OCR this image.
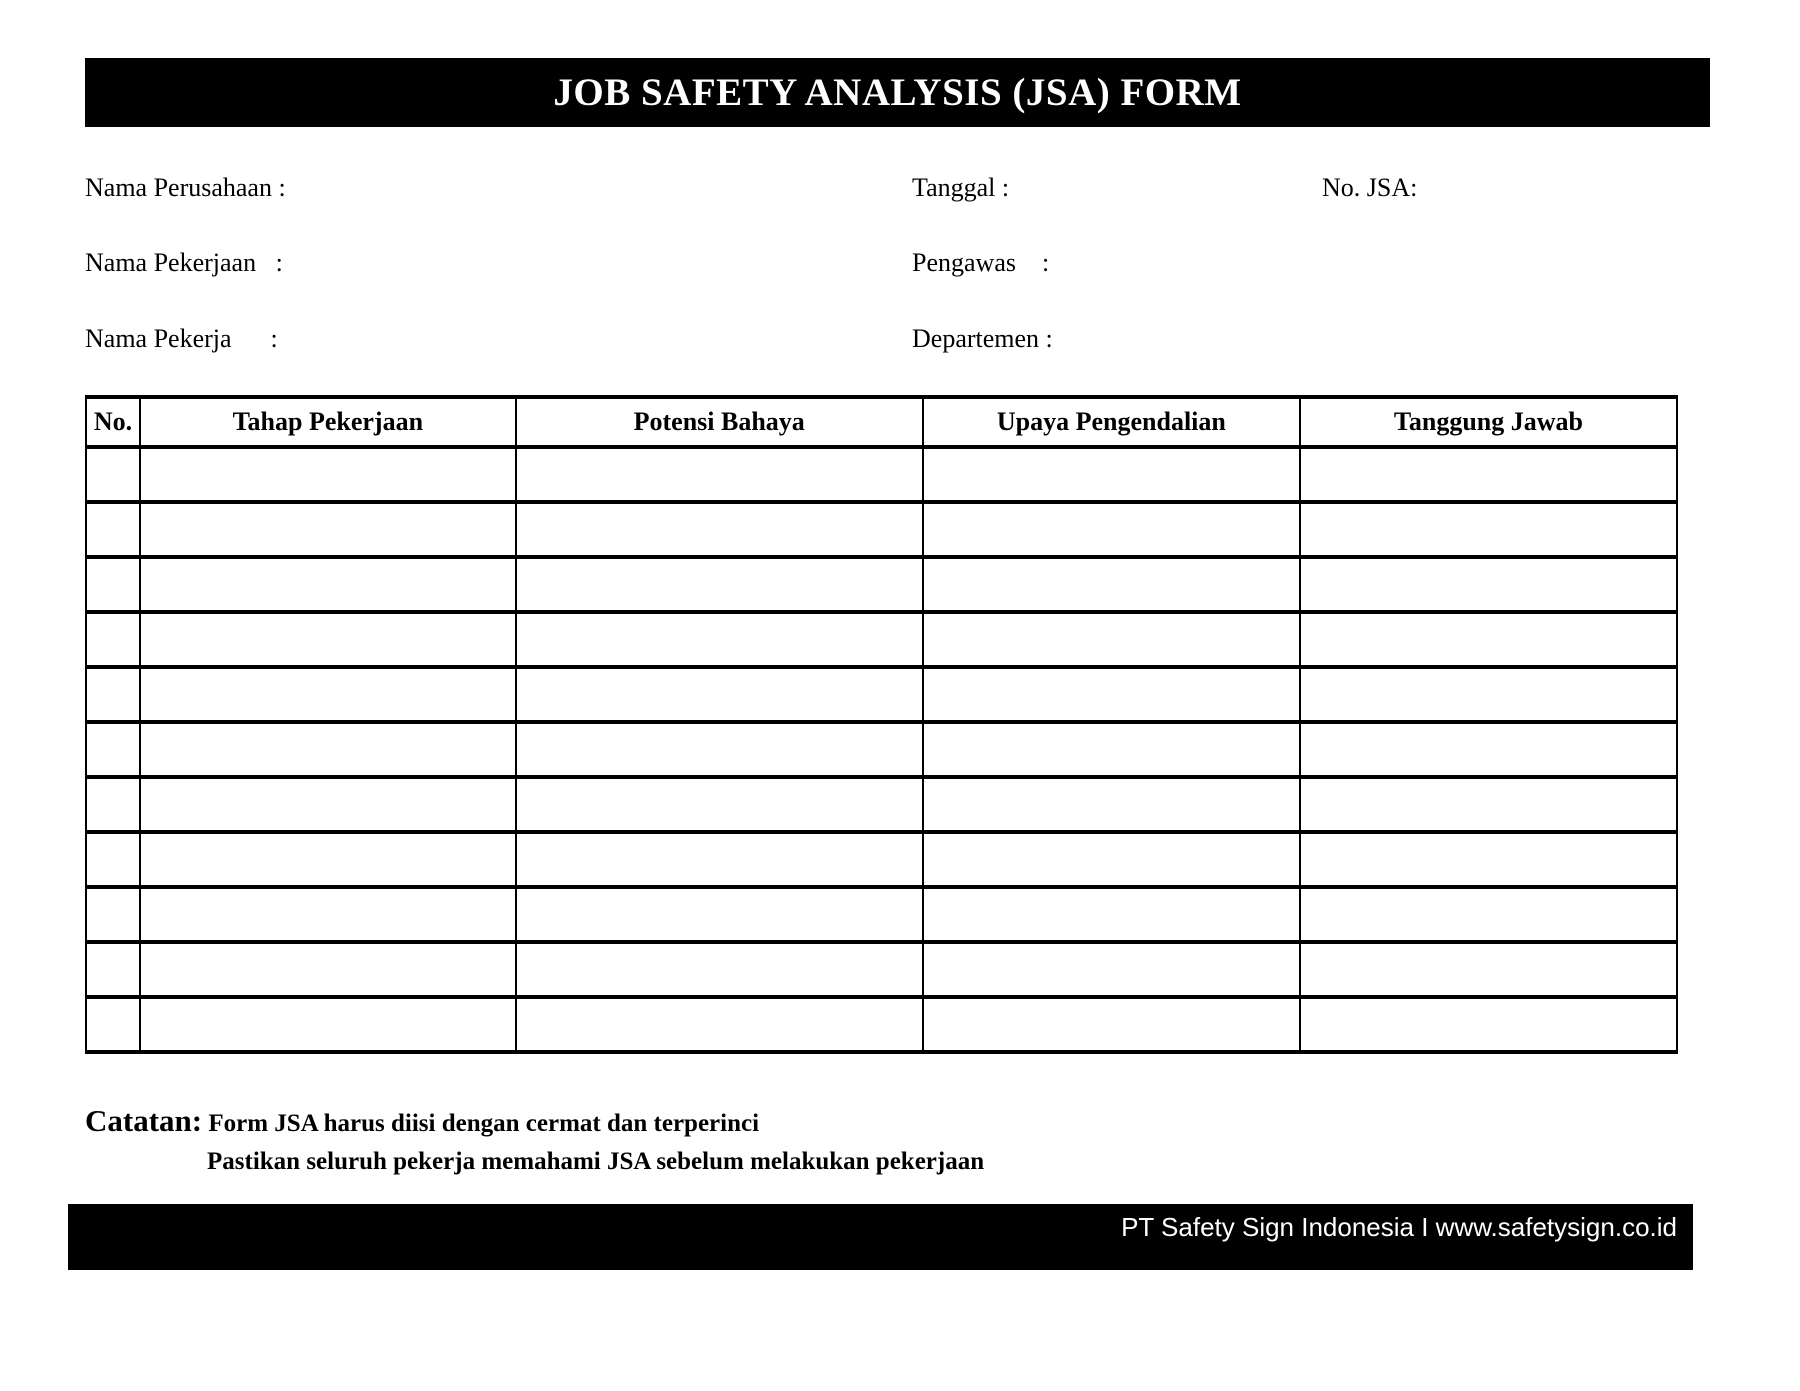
JOB SAFETY ANALYSIS (JSA) FORM
Nama Perusahaan :
Nama Pekerjaan   :
Nama Pekerja      :
Tanggal :
Pengawas    :
Departemen :
No. JSA:
No.	Tahap Pekerjaan	Potensi Bahaya	Upaya Pengendalian	Tanggung Jawab

Catatan: Form JSA harus diisi dengan cermat dan terperinci
Pastikan seluruh pekerja memahami JSA sebelum melakukan pekerjaan
PT Safety Sign Indonesia I www.safetysign.co.id
